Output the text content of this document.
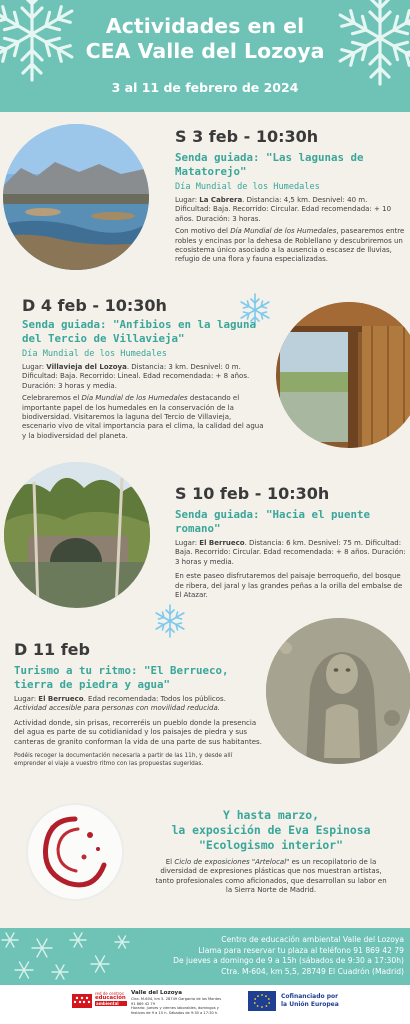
Actividades en el
CEA Valle del Lozoya
3 al 11 de febrero de 2024
S 3 feb - 10:30h
Senda guiada: "Las lagunas de
Matatorejo"
Día Mundial de los Humedales
Lugar: La Cabrera. Distancia: 4,5 km. Desnivel: 40 m. Dificultad: Baja. Recorrido: Circular. Edad recomendada: + 10 años. Duración: 3 horas.
Con motivo del Día Mundial de los Humedales, pasearemos entre robles y encinas por la dehesa de Roblellano y descubriremos un ecosistema único asociado a la ausencia o escasez de lluvias, refugio de una flora y fauna especializadas.
D 4 feb - 10:30h
Senda guiada: "Anfibios en la laguna
del Tercio de Villavieja"
Día Mundial de los Humedales
Lugar: Villavieja del Lozoya. Distancia: 3 km. Desnivel: 0 m. Dificultad: Baja. Recorrido: Lineal. Edad recomendada: + 8 años. Duración: 3 horas y media.
Celebraremos el Día Mundial de los Humedales destacando el importante papel de los humedales en la conservación de la biodiversidad. Visitaremos la laguna del Tercio de Villavieja, escenario vivo de vital importancia para el clima, la calidad del agua y la biodiversidad del planeta.
S 10 feb - 10:30h
Senda guiada: "Hacia el puente romano"
Lugar: El Berrueco. Distancia: 6 km. Desnivel: 75 m. Dificultad: Baja. Recorrido: Circular. Edad recomendada: + 8 años. Duración: 3 horas y media.
En este paseo disfrutaremos del paisaje berroqueño, del bosque de ribera, del jaral y las grandes peñas a la orilla del embalse de El Atazar.
D 11 feb
Turismo a tu ritmo: "El Berrueco,
tierra de piedra y agua"
Lugar: El Berrueco. Edad recomendada: Todos los públicos.
Actividad accesible para personas con movilidad reducida.
Actividad donde, sin prisas, recorreréis un pueblo donde la presencia del agua es parte de su cotidianidad y los paisajes de piedra y sus canteras de granito conforman la vida de una parte de sus habitantes.
Podéis recoger la documentación necesaria a partir de las 11h, y desde allí emprender el viaje a vuestro ritmo con las propuestas sugeridas.
Y hasta marzo,
la exposición de Eva Espinosa
"Ecologismo interior"
El Ciclo de exposiciones "Artelocal" es un recopilatorio de la diversidad de expresiones plásticas que nos muestran artistas, tanto profesionales como aficionados, que desarrollan su labor en la Sierra Norte de Madrid.
Centro de educación ambiental Valle del Lozoya
Llama para reservar tu plaza al teléfono 91 869 42 79
De jueves a domingo de 9 a 15h (sábados de 9:30 a 17:30h)
Ctra. M-604, km 5,5, 28749 El Cuadrón (Madrid)
red de centros
educación
ambiental
Valle del Lozoya
Ctra. M-604, km 5. 28749 Garganta de los Montes
91 869 42 79
Horario: jueves y viernes laborables, domingos y
festivos de 9 a 15 h. Sábados de 9:30 a 17:30 h.
Cofinanciado por
la Unión Europea
